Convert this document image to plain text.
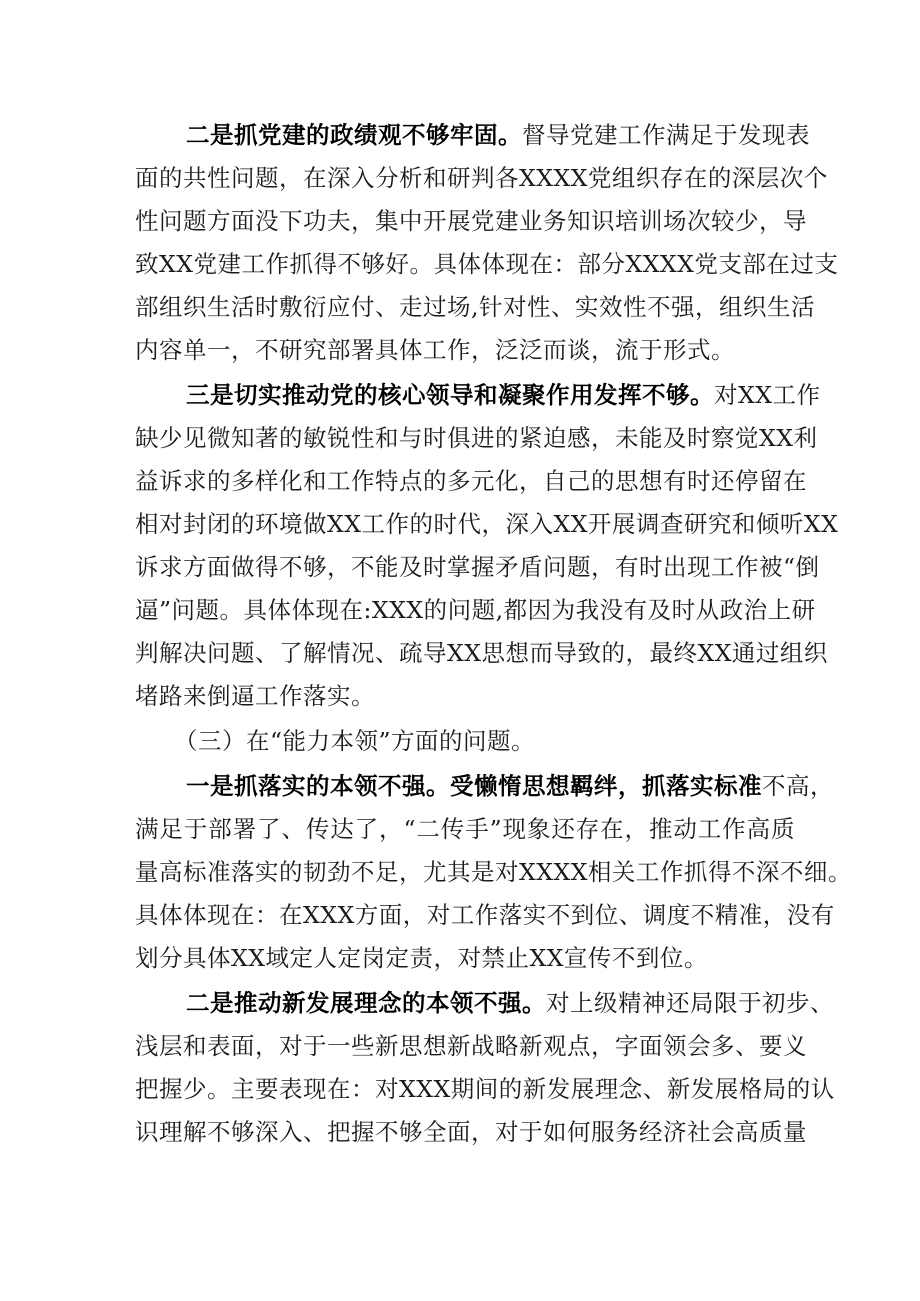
二是抓党建的政绩观不够牢固。督导党建工作满足于发现表
面的共性问题，在深入分析和研判各XXXX党组织存在的深层次个
性问题方面没下功夫，集中开展党建业务知识培训场次较少，导
致XX党建工作抓得不够好。具体体现在：部分XXXX党支部在过支
部组织生活时敷衍应付、走过场,针对性、实效性不强，组织生活
内容单一，不研究部署具体工作，泛泛而谈，流于形式。
三是切实推动党的核心领导和凝聚作用发挥不够。对XX工作
缺少见微知著的敏锐性和与时俱进的紧迫感，未能及时察觉XX利
益诉求的多样化和工作特点的多元化，自己的思想有时还停留在
相对封闭的环境做XX工作的时代，深入XX开展调查研究和倾听XX
诉求方面做得不够，不能及时掌握矛盾问题，有时出现工作被“倒
逼”问题。具体体现在:XXX的问题,都因为我没有及时从政治上研
判解决问题、了解情况、疏导XX思想而导致的，最终XX通过组织
堵路来倒逼工作落实。
（三）在“能力本领”方面的问题。
一是抓落实的本领不强。受懒惰思想羁绊，抓落实标准不高，
满足于部署了、传达了，“二传手”现象还存在，推动工作高质
量高标准落实的韧劲不足，尤其是对XXXX相关工作抓得不深不细。
具体体现在：在XXX方面，对工作落实不到位、调度不精准，没有
划分具体XX域定人定岗定责，对禁止XX宣传不到位。
二是推动新发展理念的本领不强。对上级精神还局限于初步、
浅层和表面，对于一些新思想新战略新观点，字面领会多、要义
把握少。主要表现在：对XXX期间的新发展理念、新发展格局的认
识理解不够深入、把握不够全面，对于如何服务经济社会高质量
